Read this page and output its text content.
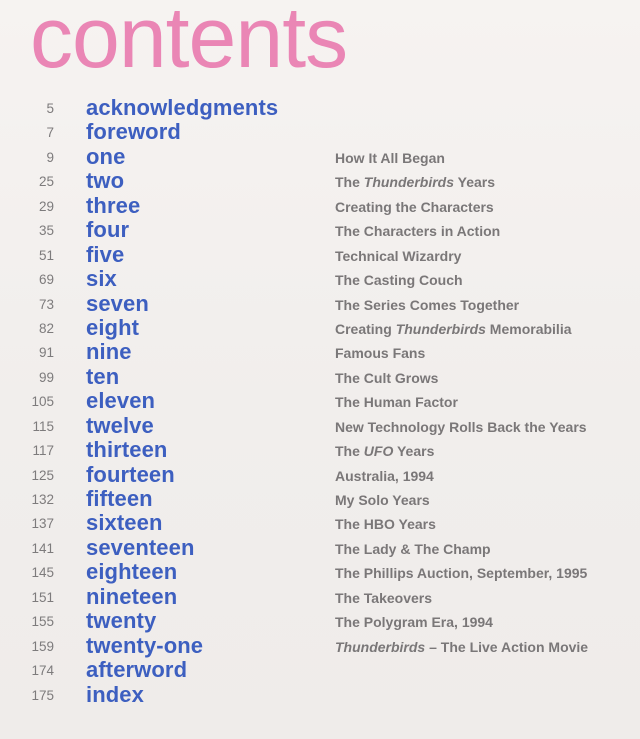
contents
5 acknowledgments
7 foreword
9 one	How It All Began
25 two	The Thunderbirds Years
29 three	Creating the Characters
35 four	The Characters in Action
51 five	Technical Wizardry
69 six	The Casting Couch
73 seven	The Series Comes Together
82 eight	Creating Thunderbirds Memorabilia
91 nine	Famous Fans
99 ten	The Cult Grows
105 eleven	The Human Factor
115 twelve	New Technology Rolls Back the Years
117 thirteen	The UFO Years
125 fourteen	Australia, 1994
132 fifteen	My Solo Years
137 sixteen	The HBO Years
141 seventeen	The Lady & The Champ
145 eighteen	The Phillips Auction, September, 1995
151 nineteen	The Takeovers
155 twenty	The Polygram Era, 1994
159 twenty-one	Thunderbirds – The Live Action Movie
174 afterword
175 index
